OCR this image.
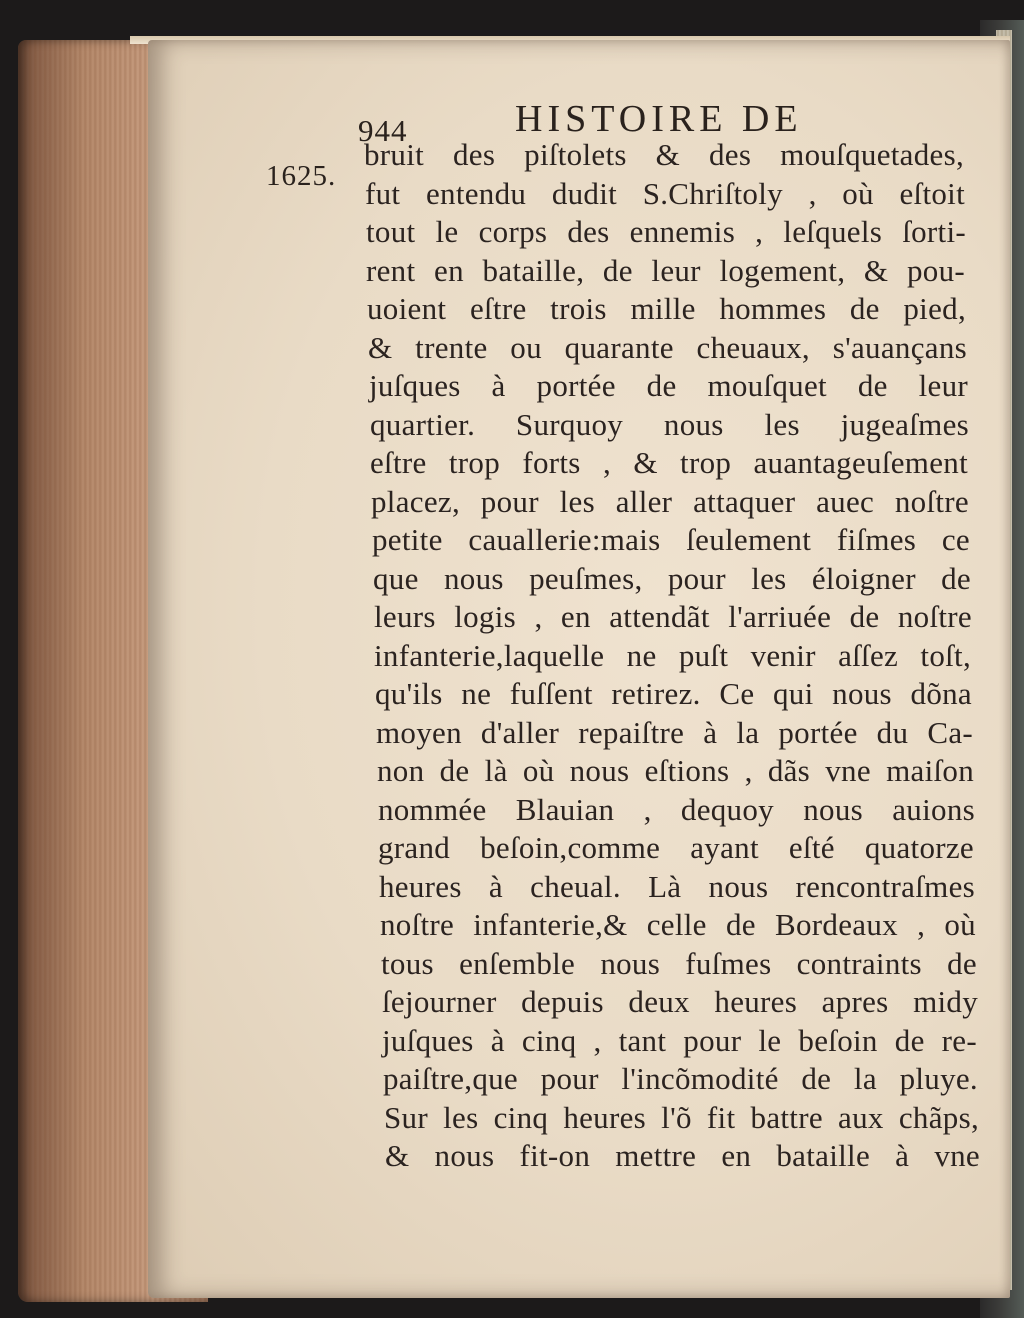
944	HISTOIRE DE
1625.
bruit des piſtolets & des mouſquetades,
fut entendu dudit S.Chriſtoly , où eſtoit
tout le corps des ennemis , leſquels ſorti-
rent en bataille, de leur logement, & pou-
uoient eſtre trois mille hommes de pied,
& trente ou quarante cheuaux, s'auançans
juſques à portée de mouſquet de leur
quartier. Surquoy nous les jugeaſmes
eſtre trop forts , & trop auantageuſement
placez, pour les aller attaquer auec noſtre
petite cauallerie:mais ſeulement fiſmes ce
que nous peuſmes, pour les éloigner de
leurs logis , en attendãt l'arriuée de noſtre
infanterie,laquelle ne puſt venir aſſez toſt,
qu'ils ne fuſſent retirez. Ce qui nous dõna
moyen d'aller repaiſtre à la portée du Ca-
non de là où nous eſtions , dãs vne maiſon
nommée Blauian , dequoy nous auions
grand beſoin,comme ayant eſté quatorze
heures à cheual. Là nous rencontraſmes
noſtre infanterie,& celle de Bordeaux , où
tous enſemble nous fuſmes contraints de
ſejourner depuis deux heures apres midy
juſques à cinq , tant pour le beſoin de re-
paiſtre,que pour l'incõmodité de la pluye.
Sur les cinq heures l'õ fit battre aux chãps,
& nous fit-on mettre en bataille à vne
